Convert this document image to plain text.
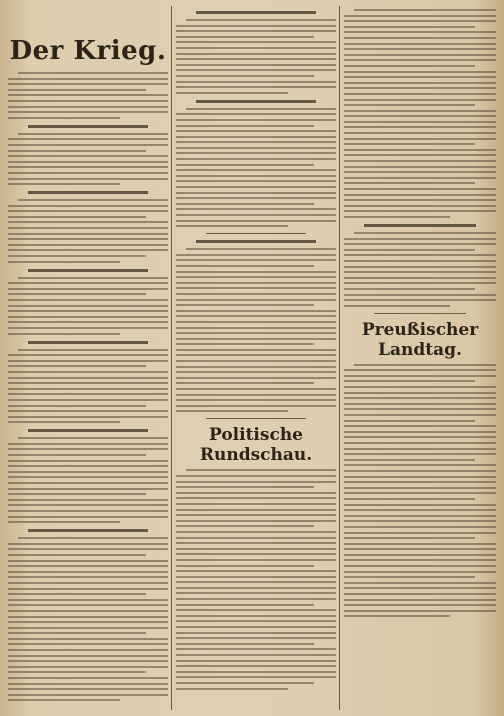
Der Krieg.
Politische Rundschau.
Preußischer Landtag.
